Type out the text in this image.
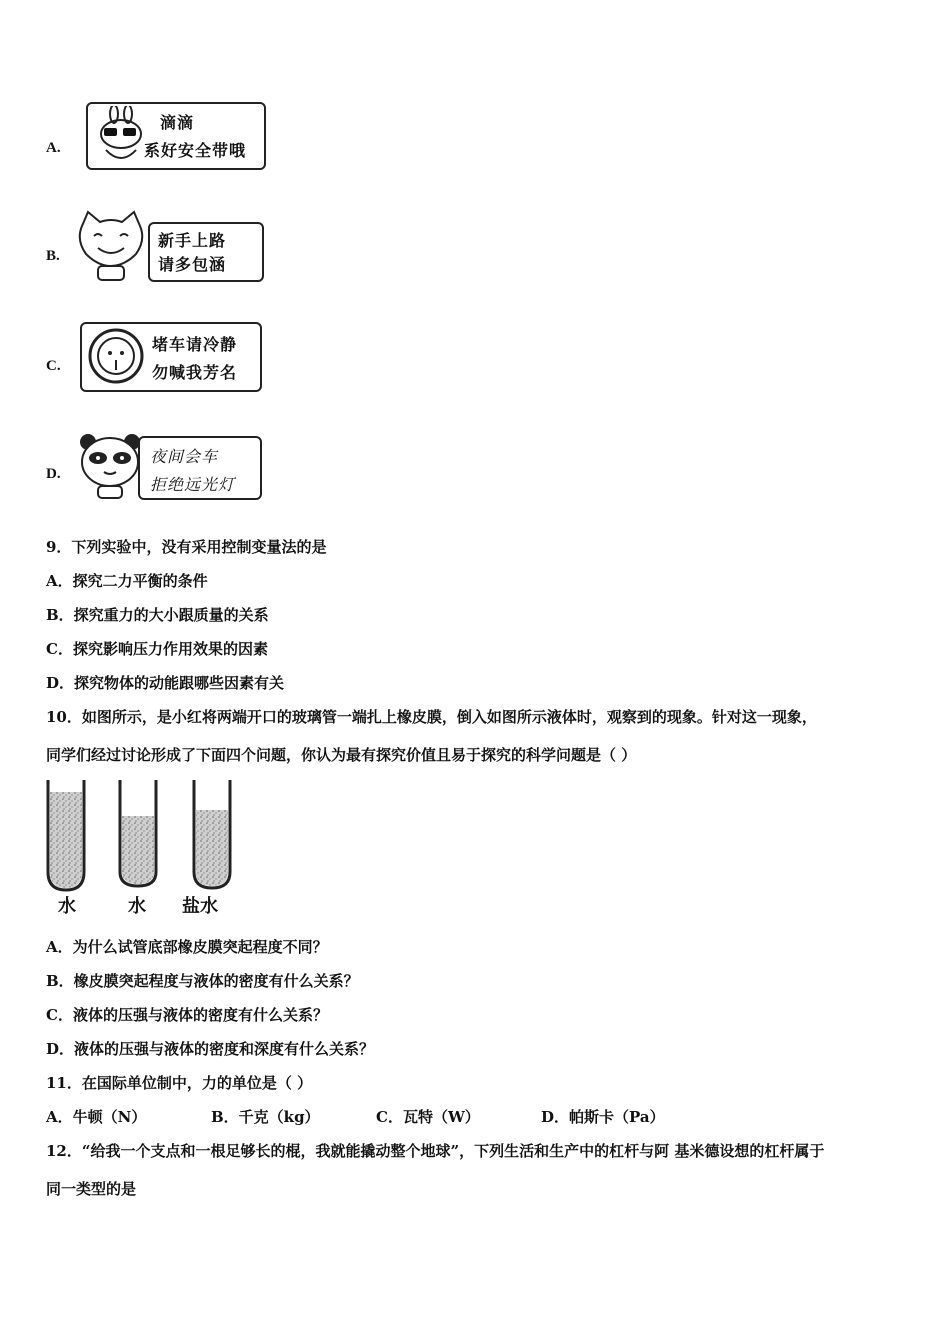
A.
滴滴
系好安全带哦
B.
新手上路
请多包涵
C.
堵车请冷静
勿喊我芳名
D.
夜间会车
拒绝远光灯
9．下列实验中，没有采用控制变量法的是
A．探究二力平衡的条件
B．探究重力的大小跟质量的关系
C．探究影响压力作用效果的因素
D．探究物体的动能跟哪些因素有关
10．如图所示，是小红将两端开口的玻璃管一端扎上橡皮膜，倒入如图所示液体时，观察到的现象。针对这一现象，
同学们经过讨论形成了下面四个问题，你认为最有探究价值且易于探究的科学问题是（ ）
水	水 盐水
A．为什么试管底部橡皮膜突起程度不同？
B．橡皮膜突起程度与液体的密度有什么关系？
C．液体的压强与液体的密度有什么关系？
D．液体的压强与液体的密度和深度有什么关系？
11．在国际单位制中，力的单位是（ ）
A．牛顿（N）	B．千克（kg）	C．瓦特（W）	D．帕斯卡（Pa）
12．“给我一个支点和一根足够长的棍，我就能撬动整个地球”，下列生活和生产中的杠杆与阿 基米德设想的杠杆属于
同一类型的是
